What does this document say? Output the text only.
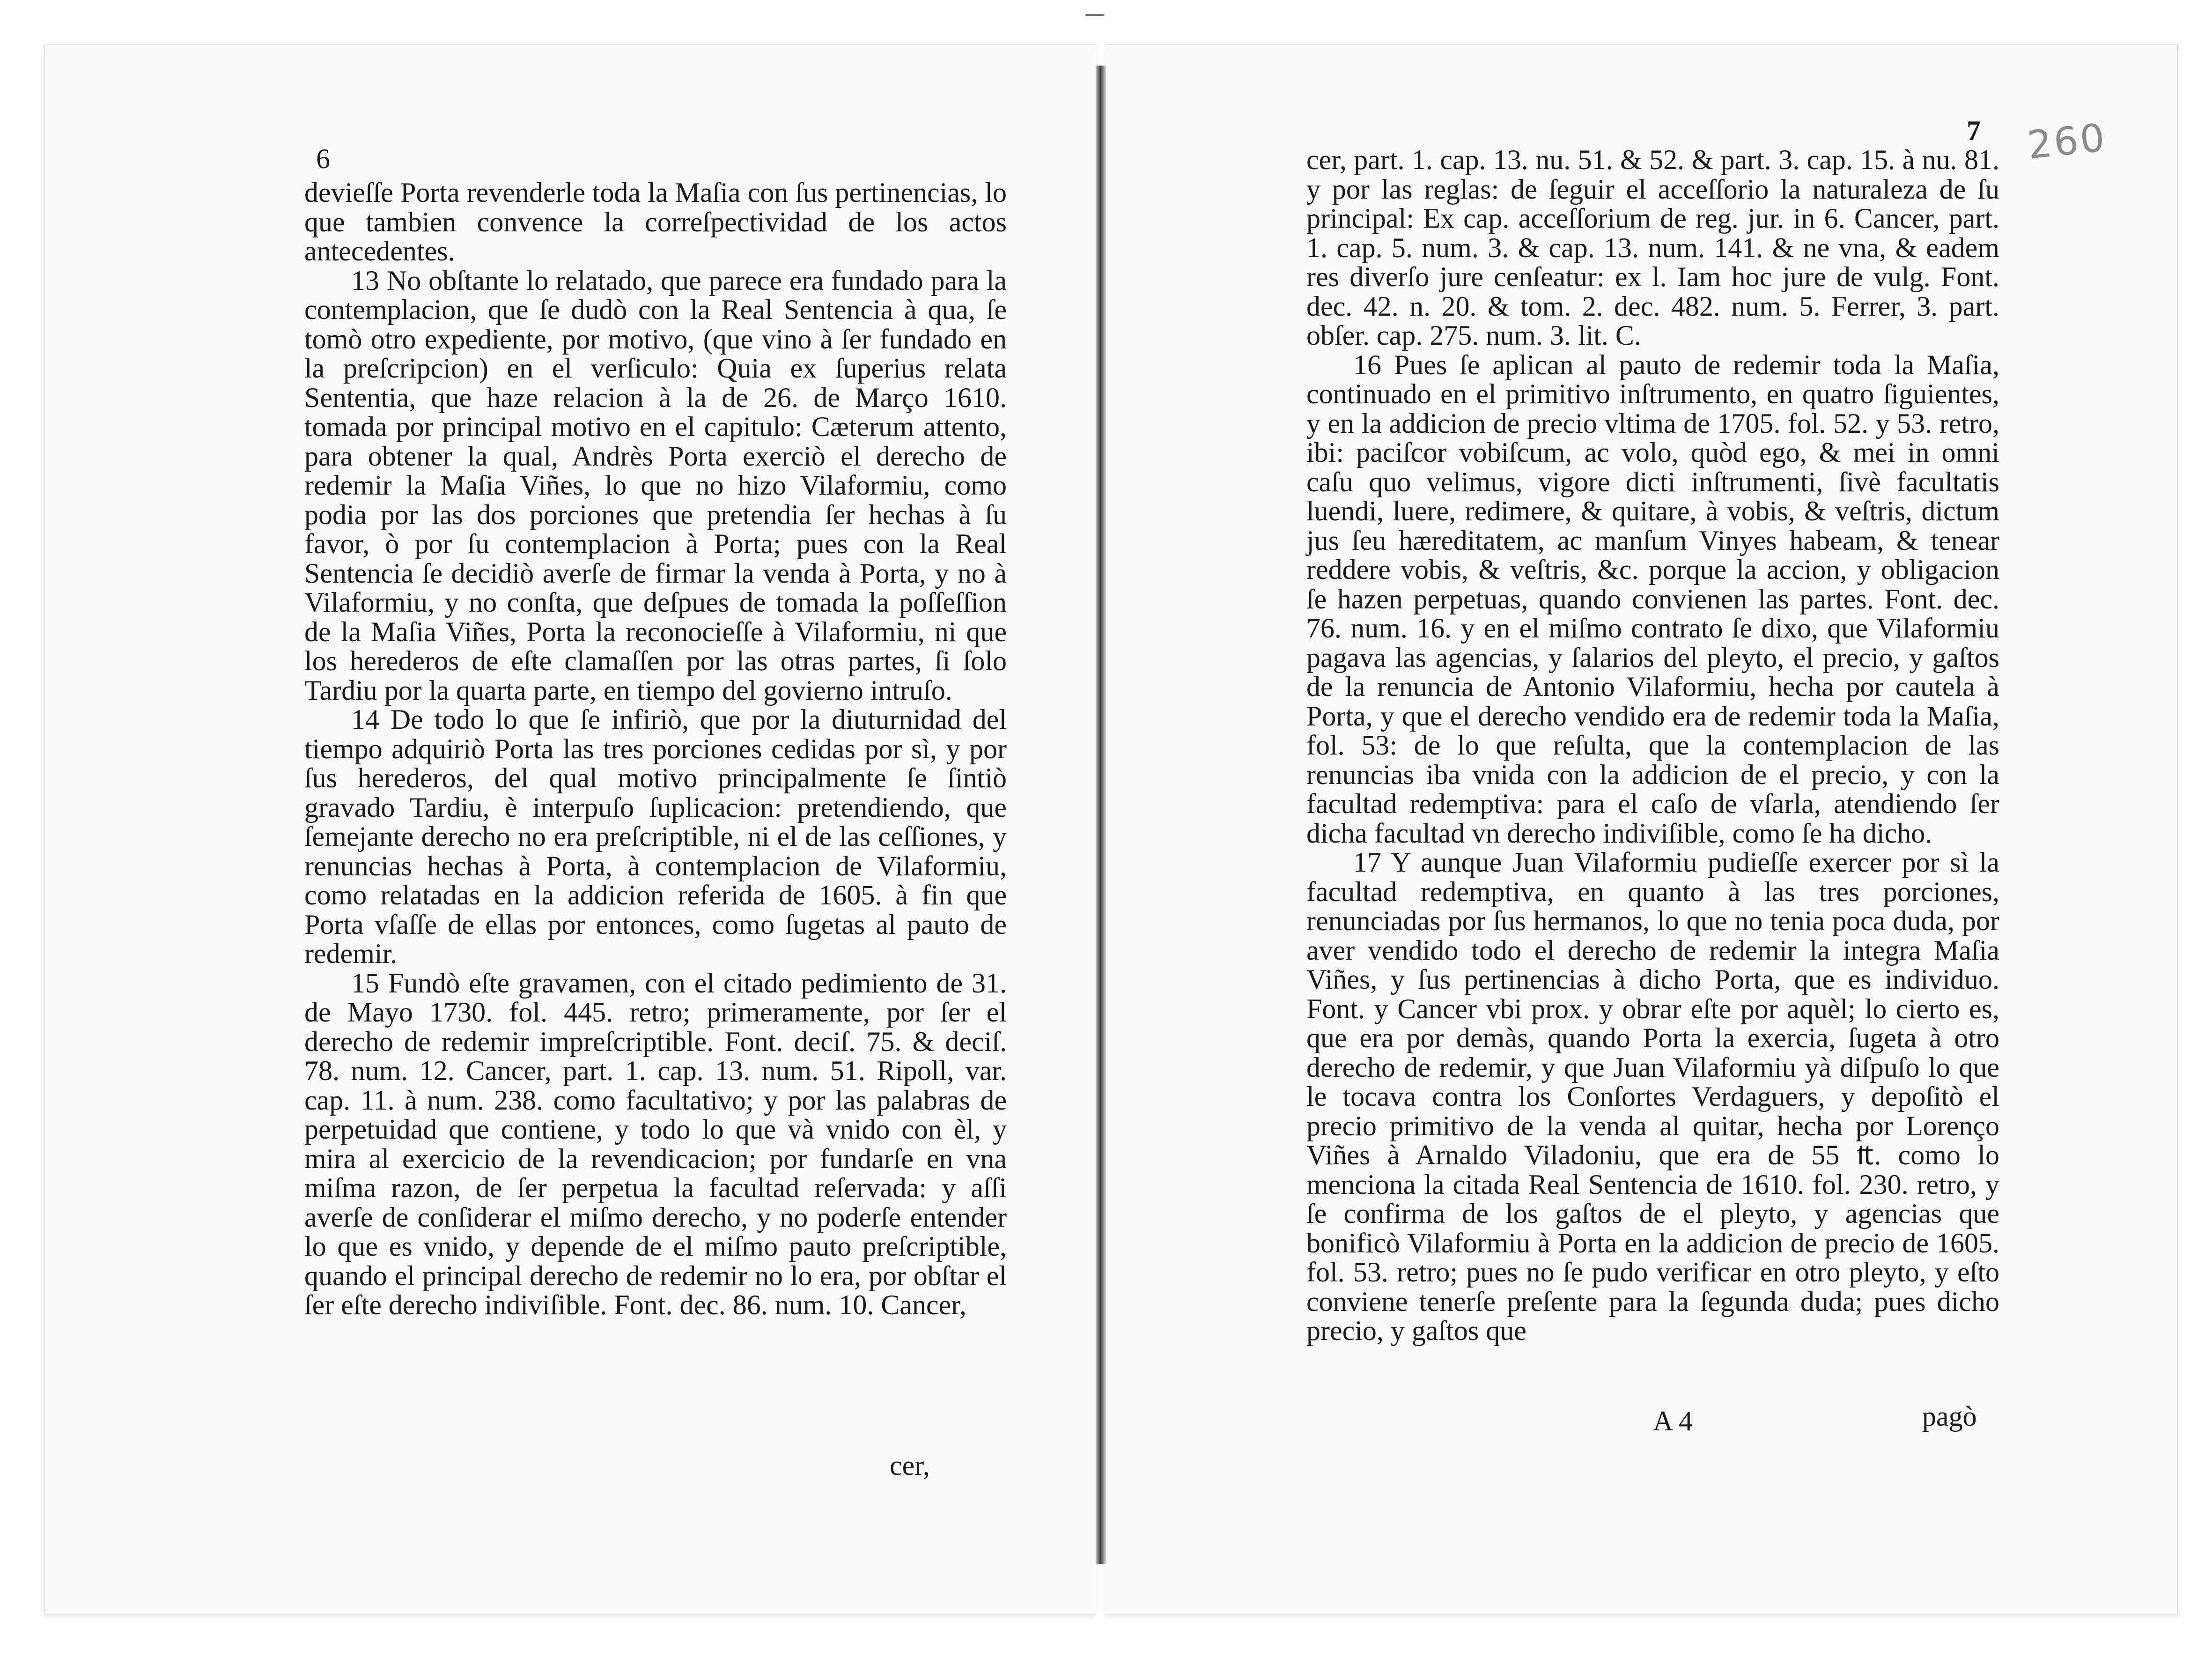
6

devieſſe Porta revenderle toda la Maſia con ſus pertinencias, lo que tambien convence la correſpectividad de los actos antecedentes.

13 No obſtante lo relatado, que parece era fundado para la contemplacion, que ſe dudò con la Real Sentencia à qua, ſe tomò otro expediente, por motivo, (que vino à ſer fundado en la preſcripcion) en el verſiculo: Quia ex ſuperius relata Sententia, que haze relacion à la de 26. de Março 1610. tomada por principal motivo en el capitulo: Cæterum attento, para obtener la qual, Andrès Porta exerciò el derecho de redemir la Maſia Viñes, lo que no hizo Vilaformiu, como podia por las dos porciones que pretendia ſer hechas à ſu favor, ò por ſu contemplacion à Porta; pues con la Real Sentencia ſe decidiò averſe de firmar la venda à Porta, y no à Vilaformiu, y no conſta, que deſpues de tomada la poſſeſſion de la Maſia Viñes, Porta la reconocieſſe à Vilaformiu, ni que los herederos de eſte clamaſſen por las otras partes, ſi ſolo Tardiu por la quarta parte, en tiempo del govierno intruſo.

14 De todo lo que ſe infiriò, que por la diuturnidad del tiempo adquiriò Porta las tres porciones cedidas por sì, y por ſus herederos, del qual motivo principalmente ſe ſintiò gravado Tardiu, è interpuſo ſuplicacion: pretendiendo, que ſemejante derecho no era preſcriptible, ni el de las ceſſiones, y renuncias hechas à Porta, à contemplacion de Vilaformiu, como relatadas en la addicion referida de 1605. à fin que Porta vſaſſe de ellas por entonces, como ſugetas al pauto de redemir.

15 Fundò eſte gravamen, con el citado pedimiento de 31. de Mayo 1730. fol. 445. retro; primeramente, por ſer el derecho de redemir impreſcriptible. Font. deciſ. 75. & deciſ. 78. num. 12. Cancer, part. 1. cap. 13. num. 51. Ripoll, var. cap. 11. à num. 238. como facultativo; y por las palabras de perpetuidad que contiene, y todo lo que và vnido con èl, y mira al exercicio de la revendicacion; por fundarſe en vna miſma razon, de ſer perpetua la facultad reſervada: y aſſi averſe de conſiderar el miſmo derecho, y no poderſe entender lo que es vnido, y depende de el miſmo pauto preſcriptible, quando el principal derecho de redemir no lo era, por obſtar el ſer eſte derecho indiviſible. Font. dec. 86. num. 10. Cancer,

cer,
7 260

cer, part. 1. cap. 13. nu. 51. & 52. & part. 3. cap. 15. à nu. 81. y por las reglas: de ſeguir el acceſſorio la naturaleza de ſu principal: Ex cap. acceſſorium de reg. jur. in 6. Cancer, part. 1. cap. 5. num. 3. & cap. 13. num. 141. & ne vna, & eadem res diverſo jure cenſeatur: ex l. Iam hoc jure de vulg. Font. dec. 42. n. 20. & tom. 2. dec. 482. num. 5. Ferrer, 3. part. obſer. cap. 275. num. 3. lit. C.

16 Pues ſe aplican al pauto de redemir toda la Maſia, continuado en el primitivo inſtrumento, en quatro ſiguientes, y en la addicion de precio vltima de 1705. fol. 52. y 53. retro, ibi: paciſcor vobiſcum, ac volo, quòd ego, & mei in omni caſu quo velimus, vigore dicti inſtrumenti, ſivè facultatis luendi, luere, redimere, & quitare, à vobis, & veſtris, dictum jus ſeu hæreditatem, ac manſum Vinyes habeam, & tenear reddere vobis, & veſtris, &c. porque la accion, y obligacion ſe hazen perpetuas, quando convienen las partes. Font. dec. 76. num. 16. y en el miſmo contrato ſe dixo, que Vilaformiu pagava las agencias, y ſalarios del pleyto, el precio, y gaſtos de la renuncia de Antonio Vilaformiu, hecha por cautela à Porta, y que el derecho vendido era de redemir toda la Maſia, fol. 53: de lo que reſulta, que la contemplacion de las renuncias iba vnida con la addicion de el precio, y con la facultad redemptiva: para el caſo de vſarla, atendiendo ſer dicha facultad vn derecho indiviſible, como ſe ha dicho.

17 Y aunque Juan Vilaformiu pudieſſe exercer por sì la facultad redemptiva, en quanto à las tres porciones, renunciadas por ſus hermanos, lo que no tenia poca duda, por aver vendido todo el derecho de redemir la integra Maſia Viñes, y ſus pertinencias à dicho Porta, que es individuo. Font. y Cancer vbi prox. y obrar eſte por aquèl; lo cierto es, que era por demàs, quando Porta la exercia, ſugeta à otro derecho de redemir, y que Juan Vilaformiu yà diſpuſo lo que le tocava contra los Conſortes Verdaguers, y depoſitò el precio primitivo de la venda al quitar, hecha por Lorenço Viñes à Arnaldo Viladoniu, que era de 55 ₶. como lo menciona la citada Real Sentencia de 1610. fol. 230. retro, y ſe confirma de los gaſtos de el pleyto, y agencias que bonificò Vilaformiu à Porta en la addicion de precio de 1605. fol. 53. retro; pues no ſe pudo verificar en otro pleyto, y eſto conviene tenerſe preſente para la ſegunda duda; pues dicho precio, y gaſtos que

A 4	pagò
